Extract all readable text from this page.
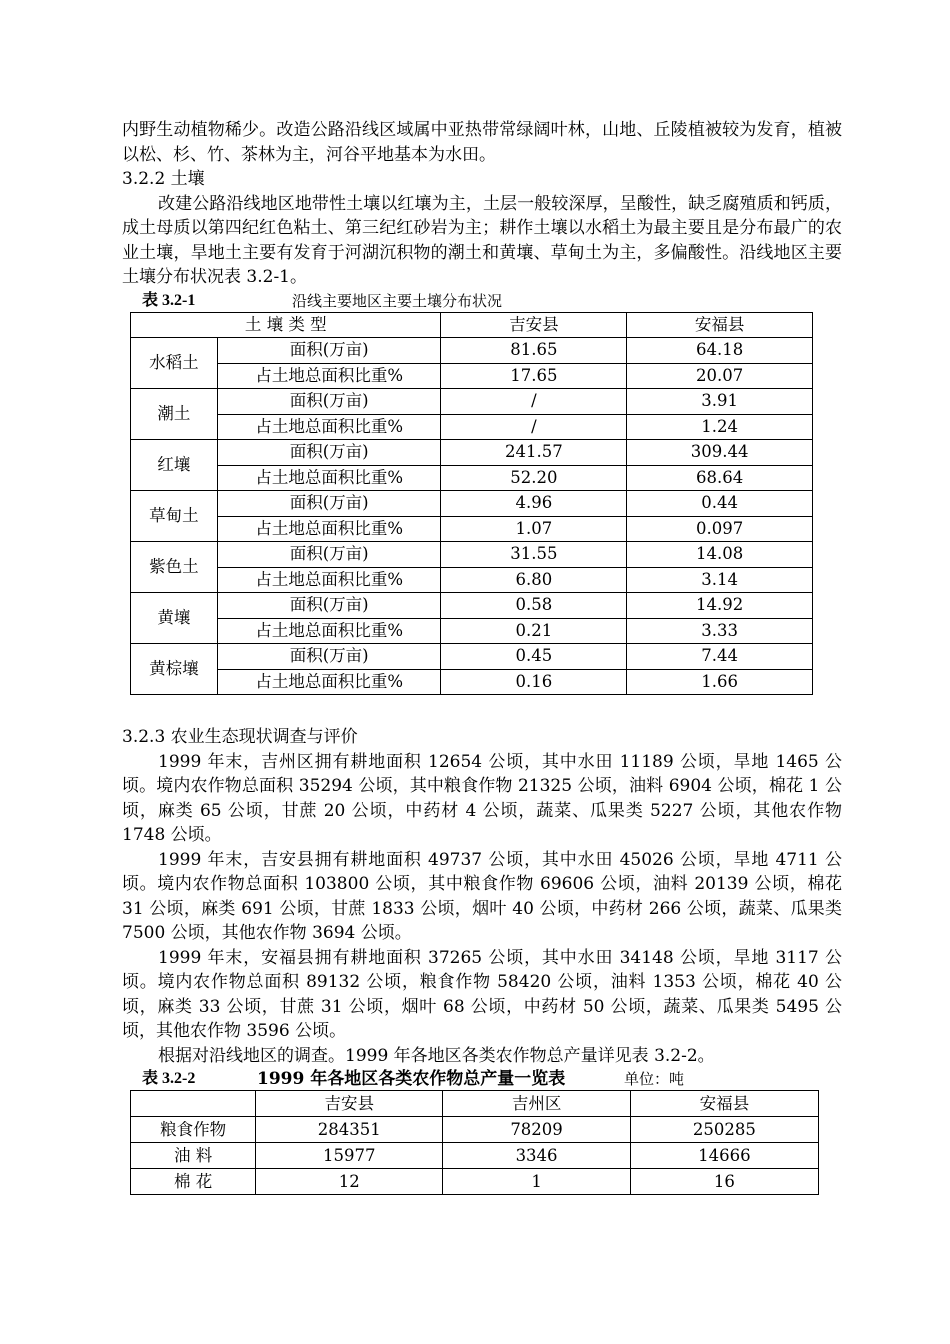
内野生动植物稀少。改造公路沿线区域属中亚热带常绿阔叶林，山地、丘陵植被较为发育，植被以松、杉、竹、茶林为主，河谷平地基本为水田。

3.2.2 土壤

改建公路沿线地区地带性土壤以红壤为主，土层一般较深厚，呈酸性，缺乏腐殖质和钙质，成土母质以第四纪红色粘土、第三纪红砂岩为主；耕作土壤以水稻土为最主要且是分布最广的农业土壤，旱地土主要有发育于河湖沉积物的潮土和黄壤、草甸土为主，多偏酸性。沿线地区主要土壤分布状况表 3.2-1。

表 3.2-1	沿线主要地区主要土壤分布状况
土 壤 类 型		吉安县	安福县
水稻土	面积(万亩)	81.65	64.18
	占土地总面积比重%	17.65	20.07
潮土	面积(万亩)	/	3.91
	占土地总面积比重%	/	1.24
红壤	面积(万亩)	241.57	309.44
	占土地总面积比重%	52.20	68.64
草甸土	面积(万亩)	4.96	0.44
	占土地总面积比重%	1.07	0.097
紫色土	面积(万亩)	31.55	14.08
	占土地总面积比重%	6.80	3.14
黄壤	面积(万亩)	0.58	14.92
	占土地总面积比重%	0.21	3.33
黄棕壤	面积(万亩)	0.45	7.44
	占土地总面积比重%	0.16	1.66

3.2.3 农业生态现状调查与评价

1999 年末，吉州区拥有耕地面积 12654 公顷，其中水田 11189 公顷，旱地 1465 公顷。境内农作物总面积 35294 公顷，其中粮食作物 21325 公顷，油料 6904 公顷，棉花 1 公顷，麻类 65 公顷，甘蔗 20 公顷，中药材 4 公顷，蔬菜、瓜果类 5227 公顷，其他农作物 1748 公顷。

1999 年末，吉安县拥有耕地面积 49737 公顷，其中水田 45026 公顷，旱地 4711 公顷。境内农作物总面积 103800 公顷，其中粮食作物 69606 公顷，油料 20139 公顷，棉花 31 公顷，麻类 691 公顷，甘蔗 1833 公顷，烟叶 40 公顷，中药材 266 公顷，蔬菜、瓜果类 7500 公顷，其他农作物 3694 公顷。

1999 年末，安福县拥有耕地面积 37265 公顷，其中水田 34148 公顷，旱地 3117 公顷。境内农作物总面积 89132 公顷，粮食作物 58420 公顷，油料 1353 公顷，棉花 40 公顷，麻类 33 公顷，甘蔗 31 公顷，烟叶 68 公顷，中药材 50 公顷，蔬菜、瓜果类 5495 公顷，其他农作物 3596 公顷。

根据对沿线地区的调查。1999 年各地区各类农作物总产量详见表 3.2-2。

表 3.2-2	1999 年各地区各类农作物总产量一览表	单位：吨
	吉安县	吉州区	安福县
粮食作物	284351	78209	250285
油 料	15977	3346	14666
棉 花	12	1	16
